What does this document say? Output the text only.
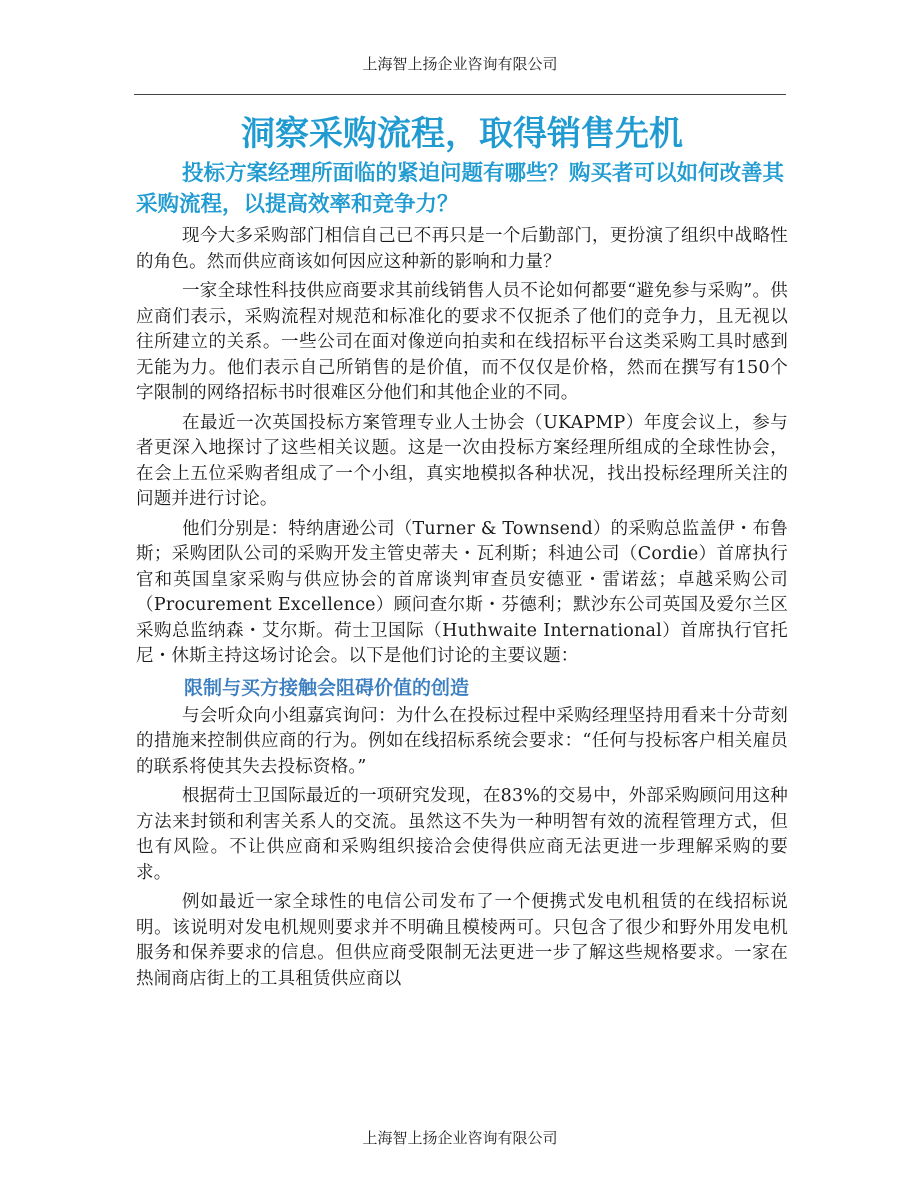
上海智上扬企业咨询有限公司
洞察采购流程，取得销售先机
投标方案经理所面临的紧迫问题有哪些？购买者可以如何改善其采购流程，以提高效率和竞争力？

现今大多采购部门相信自己已不再只是一个后勤部门，更扮演了组织中战略性的角色。然而供应商该如何因应这种新的影响和力量？

一家全球性科技供应商要求其前线销售人员不论如何都要“避免参与采购”。供应商们表示，采购流程对规范和标准化的要求不仅扼杀了他们的竞争力，且无视以往所建立的关系。一些公司在面对像逆向拍卖和在线招标平台这类采购工具时感到无能为力。他们表示自己所销售的是价值，而不仅仅是价格，然而在撰写有150个字限制的网络招标书时很难区分他们和其他企业的不同。

在最近一次英国投标方案管理专业人士协会（UKAPMP）年度会议上，参与者更深入地探讨了这些相关议题。这是一次由投标方案经理所组成的全球性协会，在会上五位采购者组成了一个小组，真实地模拟各种状况，找出投标经理所关注的问题并进行讨论。

他们分别是：特纳唐逊公司（Turner & Townsend）的采购总监盖伊・布鲁斯；采购团队公司的采购开发主管史蒂夫・瓦利斯；科迪公司（Cordie）首席执行官和英国皇家采购与供应协会的首席谈判审查员安德亚・雷诺兹；卓越采购公司（Procurement Excellence）顾问查尔斯・芬德利；默沙东公司英国及爱尔兰区采购总监纳森・艾尔斯。荷士卫国际（Huthwaite International）首席执行官托尼・休斯主持这场讨论会。以下是他们讨论的主要议题：

限制与买方接触会阻碍价值的创造

与会听众向小组嘉宾询问：为什么在投标过程中采购经理坚持用看来十分苛刻的措施来控制供应商的行为。例如在线招标系统会要求：“任何与投标客户相关雇员的联系将使其失去投标资格。”

根据荷士卫国际最近的一项研究发现，在83%的交易中，外部采购顾问用这种方法来封锁和利害关系人的交流。虽然这不失为一种明智有效的流程管理方式，但也有风险。不让供应商和采购组织接洽会使得供应商无法更进一步理解采购的要求。

例如最近一家全球性的电信公司发布了一个便携式发电机租赁的在线招标说明。该说明对发电机规则要求并不明确且模棱两可。只包含了很少和野外用发电机服务和保养要求的信息。但供应商受限制无法更进一步了解这些规格要求。一家在热闹商店街上的工具租赁供应商以

上海智上扬企业咨询有限公司
